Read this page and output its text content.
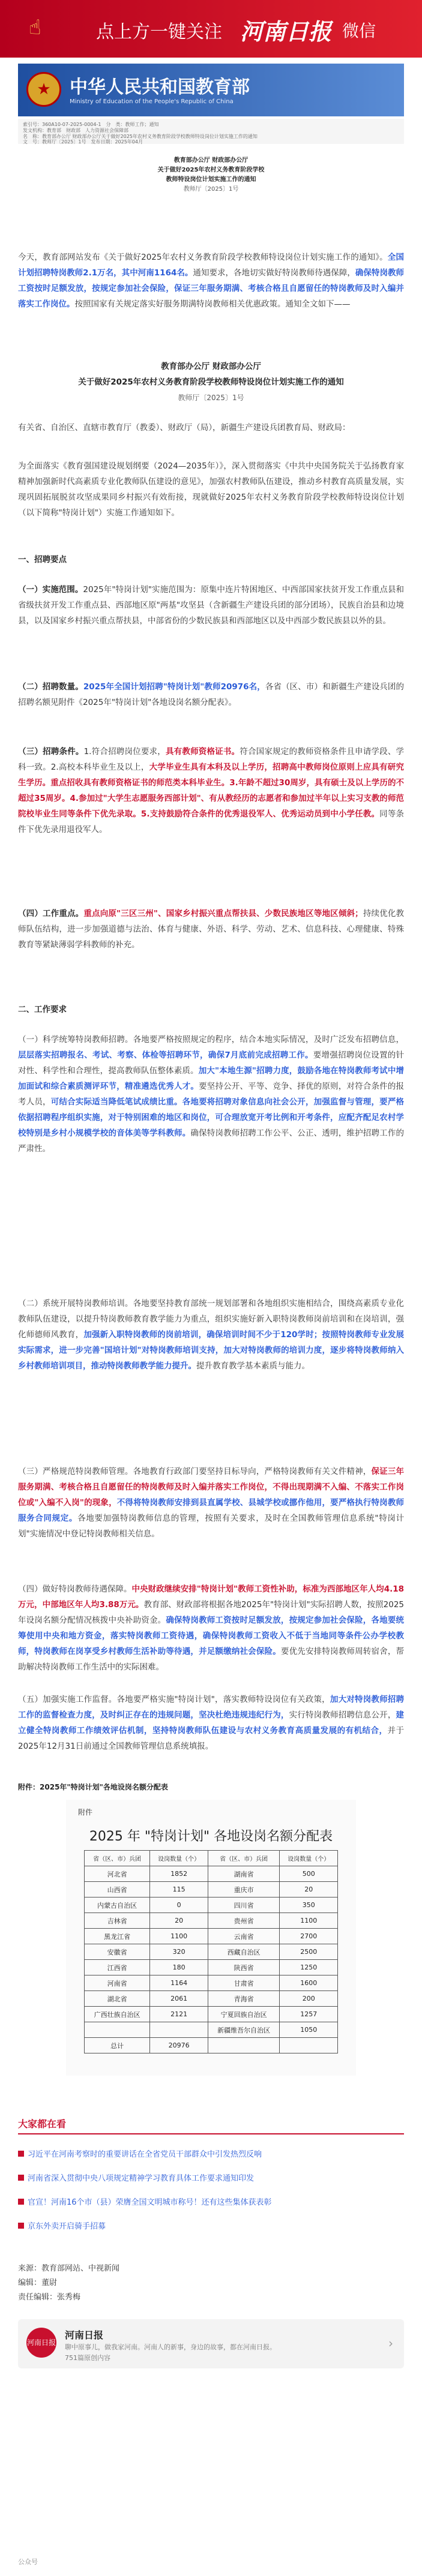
☝	点上方一键关注 河南日报 微信
★	中华人民共和国教育部
Ministry of Education of the People's Republic of China
索引号：360A10-07-2025-0004-1　分　类：教师工作；通知
发文机构：教育部　财政部　人力资源社会保障部
名　称：教育部办公厅 财政部办公厅关于做好2025年农村义务教育阶段学校教师特设岗位计划实施工作的通知
文　号：教师厅〔2025〕1号　发布日期：2025年04月
教育部办公厅 财政部办公厅
关于做好2025年农村义务教育阶段学校
教师特设岗位计划实施工作的通知
教师厅〔2025〕1号

今天，教育部网站发布《关于做好2025年农村义务教育阶段学校教师特设岗位计划实施工作的通知》。全国计划招聘特岗教师2.1万名，其中河南1164名。通知要求，各地切实做好特岗教师待遇保障，确保特岗教师工资按时足额发放，按规定参加社会保险，保证三年服务期满、考核合格且自愿留任的特岗教师及时入编并落实工作岗位。按照国家有关规定落实好服务期满特岗教师相关优惠政策。通知全文如下——

教育部办公厅 财政部办公厅
关于做好2025年农村义务教育阶段学校教师特设岗位计划实施工作的通知
教师厅〔2025〕1号

有关省、自治区、直辖市教育厅（教委）、财政厅（局），新疆生产建设兵团教育局、财政局：

为全面落实《教育强国建设规划纲要（2024—2035年）》，深入贯彻落实《中共中央国务院关于弘扬教育家精神加强新时代高素质专业化教师队伍建设的意见》，加强农村教师队伍建设，推动乡村教育高质量发展，实现巩固拓展脱贫攻坚成果同乡村振兴有效衔接，现就做好2025年农村义务教育阶段学校教师特设岗位计划（以下简称"特岗计划"）实施工作通知如下。

一、招聘要点

（一）实施范围。2025年"特岗计划"实施范围为：原集中连片特困地区、中西部国家扶贫开发工作重点县和省级扶贫开发工作重点县、西部地区原"两基"攻坚县（含新疆生产建设兵团的部分团场），民族自治县和边境县，以及国家乡村振兴重点帮扶县，中部省份的少数民族县和西部地区以及中西部少数民族县以外的县。

（二）招聘数量。2025年全国计划招聘"特岗计划"教师20976名，各省（区、市）和新疆生产建设兵团的招聘名额见附件《2025年"特岗计划"各地设岗名额分配表》。

（三）招聘条件。1.符合招聘岗位要求，具有教师资格证书。符合国家规定的教师资格条件且申请学段、学科一致。2.高校本科毕业生及以上，大学毕业生具有本科及以上学历，招聘高中教师岗位原则上应具有研究生学历。重点招收具有教师资格证书的师范类本科毕业生。3.年龄不超过30周岁，具有硕士及以上学历的不超过35周岁。4.参加过"大学生志愿服务西部计划"、有从教经历的志愿者和参加过半年以上实习支教的师范院校毕业生同等条件下优先录取。5.支持鼓励符合条件的优秀退役军人、优秀运动员到中小学任教。同等条件下优先录用退役军人。

（四）工作重点。重点向原"三区三州"、国家乡村振兴重点帮扶县、少数民族地区等地区倾斜；持续优化教师队伍结构，进一步加强道德与法治、体育与健康、外语、科学、劳动、艺术、信息科技、心理健康、特殊教育等紧缺薄弱学科教师的补充。

二、工作要求

（一）科学统筹特岗教师招聘。各地要严格按照规定的程序，结合本地实际情况，及时广泛发布招聘信息，层层落实招聘报名、考试、考察、体检等招聘环节，确保7月底前完成招聘工作。要增强招聘岗位设置的针对性、科学性和合理性，提高教师队伍整体素质。加大"本地生源"招聘力度，鼓励各地在特岗教师考试中增加面试和综合素质测评环节，精准遴选优秀人才。要坚持公开、平等、竞争、择优的原则，对符合条件的报考人员，可结合实际适当降低笔试成绩比重。各地要将招聘对象信息向社会公开，加强监督与管理，要严格依据招聘程序组织实施，对于特别困难的地区和岗位，可合理放宽开考比例和开考条件，应配齐配足农村学校特别是乡村小规模学校的音体美等学科教师。确保特岗教师招聘工作公平、公正、透明，维护招聘工作的严肃性。

（二）系统开展特岗教师培训。各地要坚持教育部统一规划部署和各地组织实施相结合，围绕高素质专业化教师队伍建设，以提升特岗教师教育教学能力为重点，组织实施好新入职特岗教师岗前培训和在岗培训，强化师德师风教育，加强新入职特岗教师的岗前培训，确保培训时间不少于120学时；按照特岗教师专业发展实际需求，进一步完善"国培计划"对特岗教师培训支持，加大对特岗教师的培训力度，逐步将特岗教师纳入乡村教师培训项目，推动特岗教师教学能力提升。提升教育教学基本素质与能力。

（三）严格规范特岗教师管理。各地教育行政部门要坚持目标导向，严格特岗教师有关文件精神，保证三年服务期满、考核合格且自愿留任的特岗教师及时入编并落实工作岗位，不得出现期满不入编、不落实工作岗位或"入编不入岗"的现象，不得将特岗教师安排到县直属学校、县城学校或挪作他用，要严格执行特岗教师服务合同规定。各地要加强特岗教师信息的管理，按照有关要求，及时在全国教师管理信息系统"特岗计划"实施情况中登记特岗教师相关信息。

（四）做好特岗教师待遇保障。中央财政继续安排"特岗计划"教师工资性补助，标准为西部地区年人均4.18万元，中部地区年人均3.88万元。教育部、财政部将根据各地2025年"特岗计划"实际招聘人数，按照2025年设岗名额分配情况核拨中央补助资金。确保特岗教师工资按时足额发放，按规定参加社会保险，各地要统筹使用中央和地方资金，落实特岗教师工资待遇，确保特岗教师工资收入不低于当地同等条件公办学校教师，特岗教师在岗享受乡村教师生活补助等待遇，并足额缴纳社会保险。要优先安排特岗教师周转宿舍，帮助解决特岗教师工作生活中的实际困难。

（五）加强实施工作监督。各地要严格实施"特岗计划"，落实教师特设岗位有关政策，加大对特岗教师招聘工作的监督检查力度，及时纠正存在的违规问题，坚决杜绝违规违纪行为，实行特岗教师招聘信息公开，建立健全特岗教师工作绩效评估机制，坚持特岗教师队伍建设与农村义务教育高质量发展的有机结合，并于2025年12月31日前通过全国教师管理信息系统填报。

附件：2025年"特岗计划"各地设岗名额分配表
附件
2025 年 "特岗计划" 各地设岗名额分配表
省（区、市）兵团	设岗数量（个）	省（区、市）兵团	设岗数量（个）
河北省	1852	湖南省	500
山西省	115	重庆市	20
内蒙古自治区	0	四川省	350
吉林省	20	贵州省	1100
黑龙江省	1100	云南省	2700
安徽省	320	西藏自治区	2500
江西省	180	陕西省	1250
河南省	1164	甘肃省	1600
湖北省	2061	青海省	200
广西壮族自治区	2121	宁夏回族自治区	1257
		新疆维吾尔自治区	1050
总计	20976		
大家都在看
习近平在河南考察时的重要讲话在全省党员干部群众中引发热烈反响
河南省深入贯彻中央八项规定精神学习教育具体工作要求通知印发
官宣！河南16个市（县）荣膺全国文明城市称号！还有这些集体获表彰
京东外卖开启骑手招募
来源：教育部网站、中视新闻
编辑：董尉
责任编辑：张秀梅
河南日报
河南日报
聊中原事儿，做我家河南。河南人的新事，身边的故事，都在河南日报。
751篇原创内容
›
公众号
